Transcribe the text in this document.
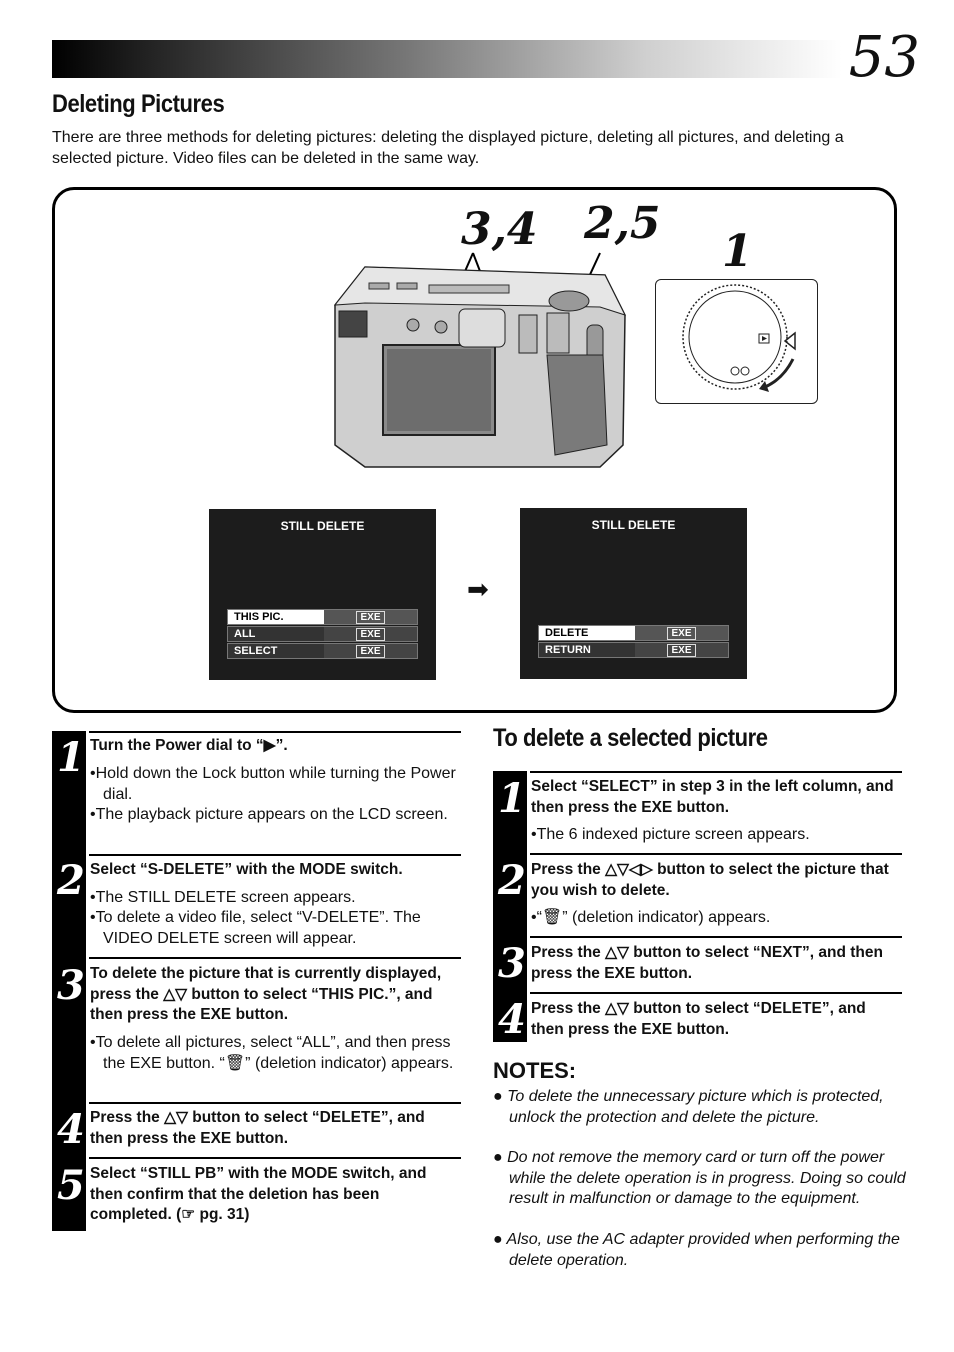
53
Deleting Pictures
There are three methods for deleting pictures: deleting the displayed picture, deleting all pictures, and deleting a selected picture. Video files can be deleted in the same way.
3,4 2,5
1
STILL DELETE
THIS PIC.	EXE
ALL	EXE
SELECT	EXE
➡
STILL DELETE
DELETE	EXE
RETURN	EXE
1 Turn the Power dial to “▶”.
•Hold down the Lock button while turning the Power dial.
•The playback picture appears on the LCD screen.
2 Select “S-DELETE” with the MODE switch.
•The STILL DELETE screen appears.
•To delete a video file, select “V-DELETE”. The VIDEO DELETE screen will appear.
3 To delete the picture that is currently displayed, press the △▽ button to select “THIS PIC.”, and then press the EXE button.
•To delete all pictures, select “ALL”, and then press the EXE button. “🗑” (deletion indicator) appears.
4 Press the △▽ button to select “DELETE”, and then press the EXE button.
5 Select “STILL PB” with the MODE switch, and then confirm that the deletion has been completed. (☞ pg. 31)
To delete a selected picture
1 Select “SELECT” in step 3 in the left column, and then press the EXE button.
•The 6 indexed picture screen appears.
2 Press the △▽◁▷ button to select the picture that you wish to delete.
•“🗑” (deletion indicator) appears.
3 Press the △▽ button to select “NEXT”, and then press the EXE button.
4 Press the △▽ button to select “DELETE”, and then press the EXE button.
NOTES:
● To delete the unnecessary picture which is protected, unlock the protection and delete the picture.
● Do not remove the memory card or turn off the power while the delete operation is in progress. Doing so could result in malfunction or damage to the equipment.
● Also, use the AC adapter provided when performing the delete operation.
